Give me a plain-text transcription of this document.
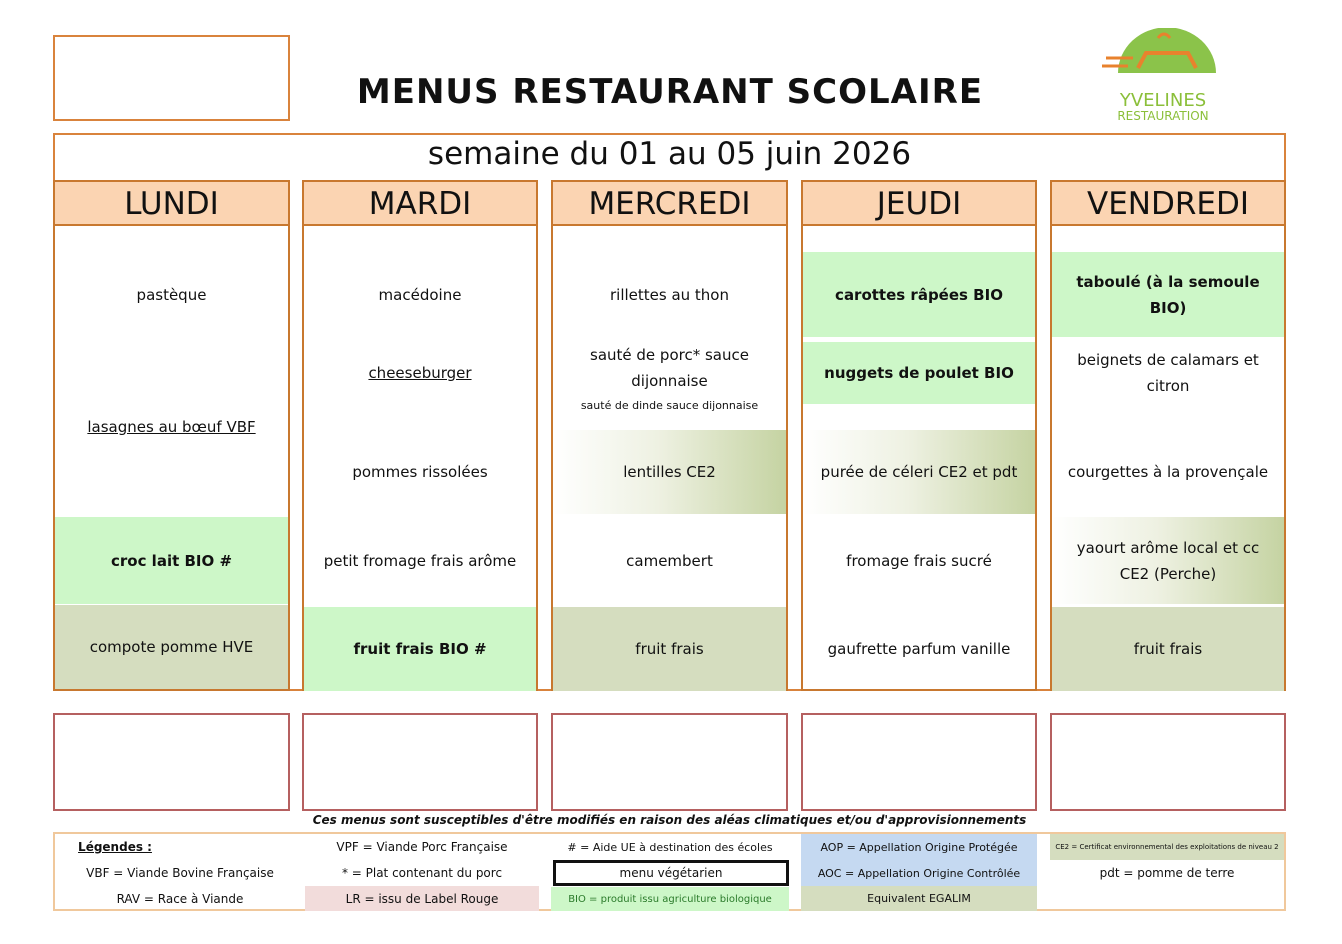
MENUS RESTAURANT SCOLAIRE	YVELINES
RESTAURATION
semaine du 01 au 05 juin 2026
LUNDI
pastèque
lasagnes au bœuf VBF
croc lait BIO #
compote pomme HVE
MARDI
macédoine
cheeseburger
pommes rissolées
petit fromage frais arôme
fruit frais BIO #
MERCREDI
rillettes au thon
sauté de porc* sauce dijonnaise
sauté de dinde sauce dijonnaise
lentilles CE2
camembert
fruit frais
JEUDI
carottes râpées BIO
nuggets de poulet BIO
purée de céleri CE2 et pdt
fromage frais sucré
gaufrette parfum vanille
VENDREDI
taboulé (à la semoule BIO)
beignets de calamars et citron
courgettes à la provençale
yaourt arôme local et cc CE2 (Perche)
fruit frais
Ces menus sont susceptibles d'être modifiés en raison des aléas climatiques et/ou d'approvisionnements
Légendes :
VBF = Viande Bovine Française
RAV = Race à Viande
VPF = Viande Porc Française
* = Plat contenant du porc
LR = issu de Label Rouge
# = Aide UE à destination des écoles
menu végétarien
BIO = produit issu agriculture biologique
AOP = Appellation Origine Protégée
AOC = Appellation Origine Contrôlée
Equivalent EGALIM
CE2 = Certificat environnemental des exploitations de niveau 2
pdt = pomme de terre
